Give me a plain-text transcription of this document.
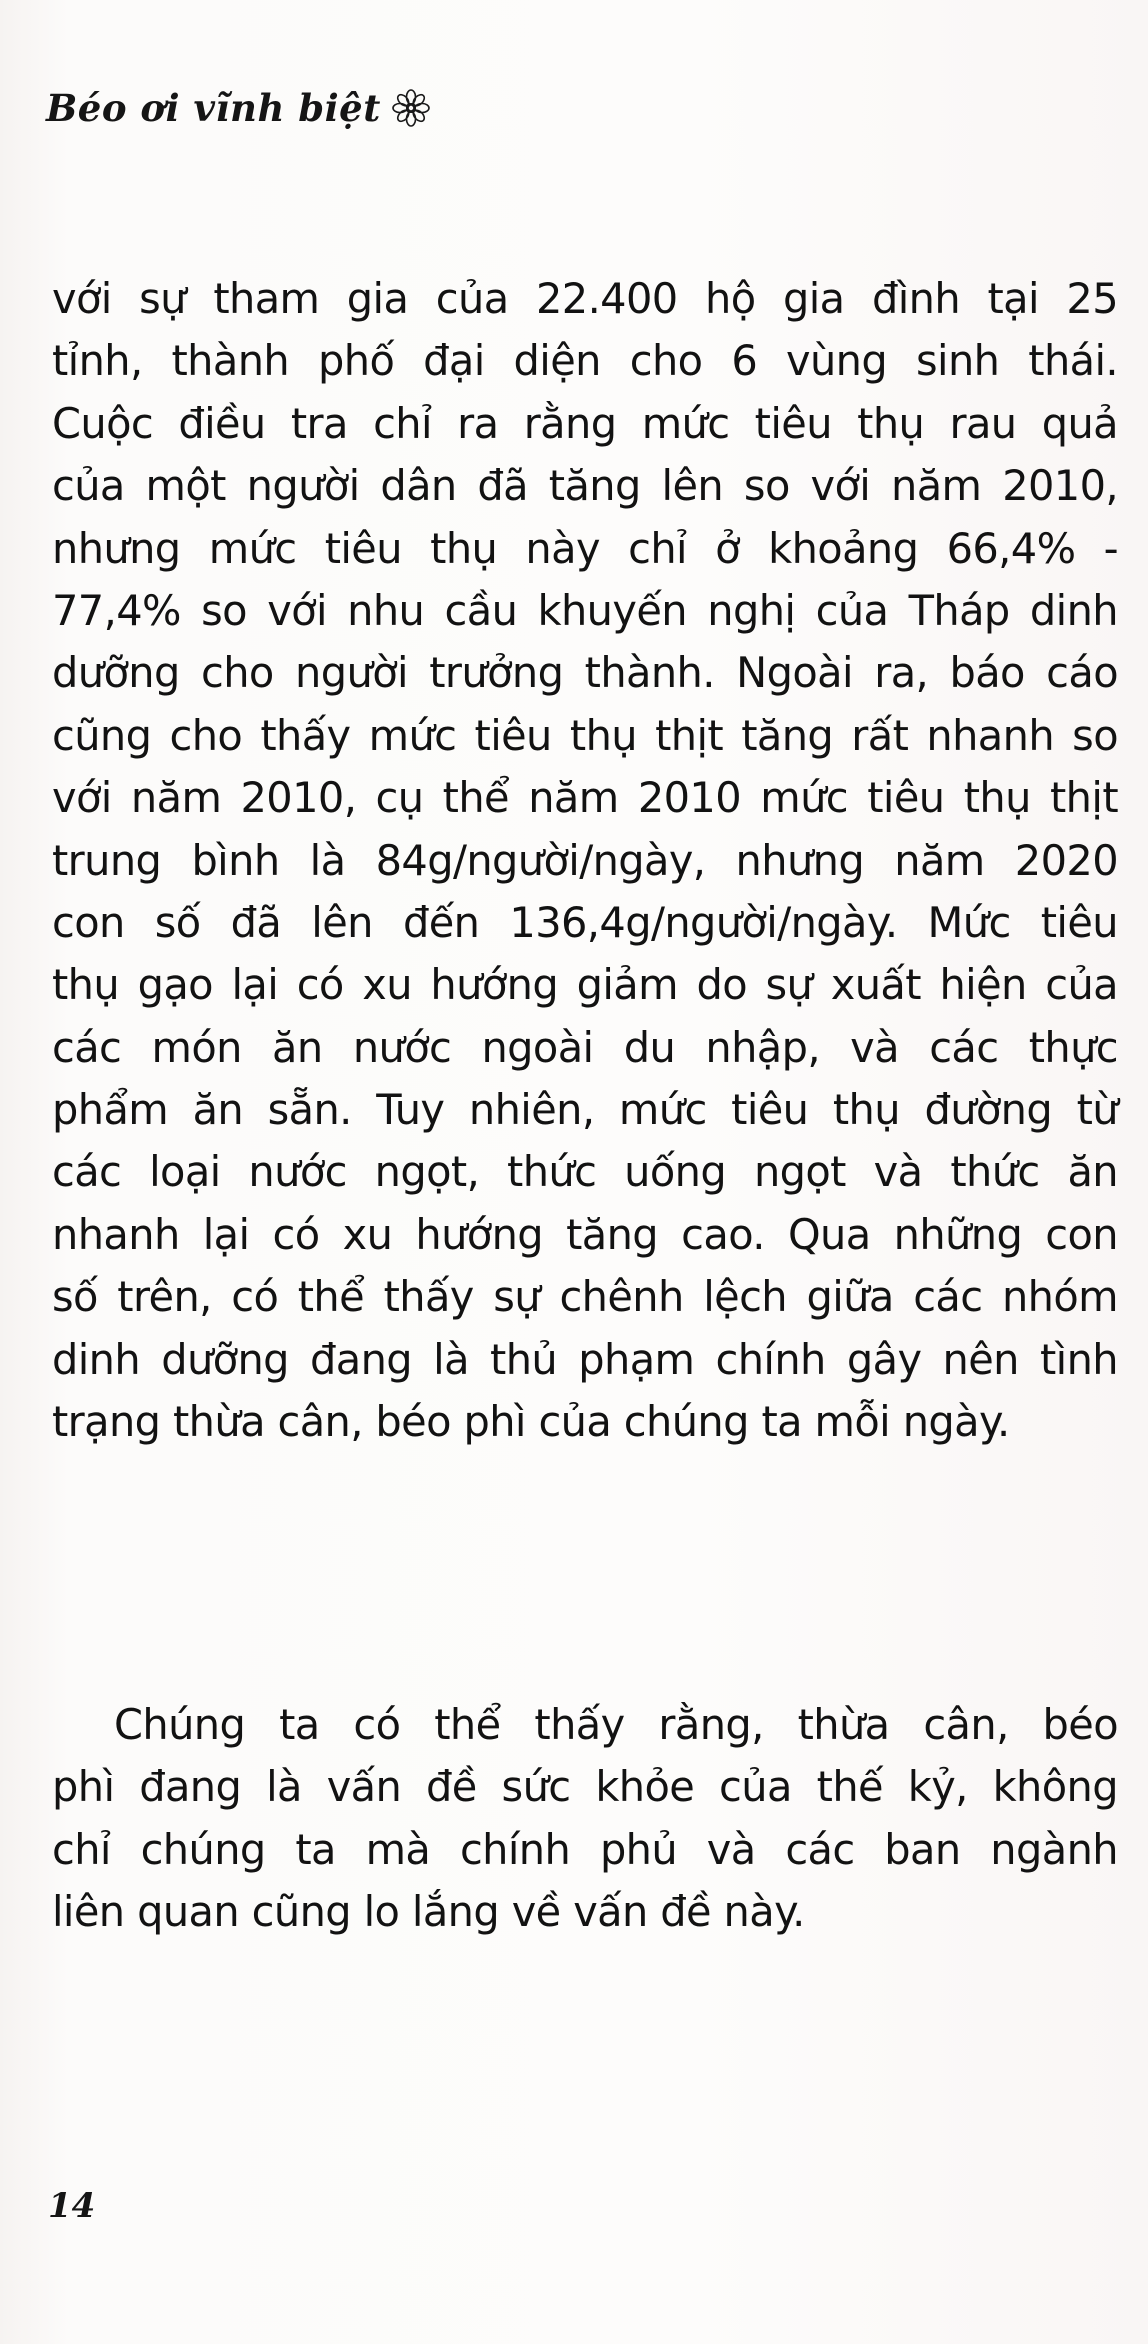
Béo ơi vĩnh biệt
với sự tham gia của 22.400 hộ gia đình tại 25
tỉnh, thành phố đại diện cho 6 vùng sinh thái.
Cuộc điều tra chỉ ra rằng mức tiêu thụ rau quả
của một người dân đã tăng lên so với năm 2010,
nhưng mức tiêu thụ này chỉ ở khoảng 66,4% -
77,4% so với nhu cầu khuyến nghị của Tháp dinh
dưỡng cho người trưởng thành. Ngoài ra, báo cáo
cũng cho thấy mức tiêu thụ thịt tăng rất nhanh so
với năm 2010, cụ thể năm 2010 mức tiêu thụ thịt
trung bình là 84g/người/ngày, nhưng năm 2020
con số đã lên đến 136,4g/người/ngày. Mức tiêu
thụ gạo lại có xu hướng giảm do sự xuất hiện của
các món ăn nước ngoài du nhập, và các thực
phẩm ăn sẵn. Tuy nhiên, mức tiêu thụ đường từ
các loại nước ngọt, thức uống ngọt và thức ăn
nhanh lại có xu hướng tăng cao. Qua những con
số trên, có thể thấy sự chênh lệch giữa các nhóm
dinh dưỡng đang là thủ phạm chính gây nên tình
trạng thừa cân, béo phì của chúng ta mỗi ngày.
Chúng ta có thể thấy rằng, thừa cân, béo
phì đang là vấn đề sức khỏe của thế kỷ, không
chỉ chúng ta mà chính phủ và các ban ngành
liên quan cũng lo lắng về vấn đề này.
14
